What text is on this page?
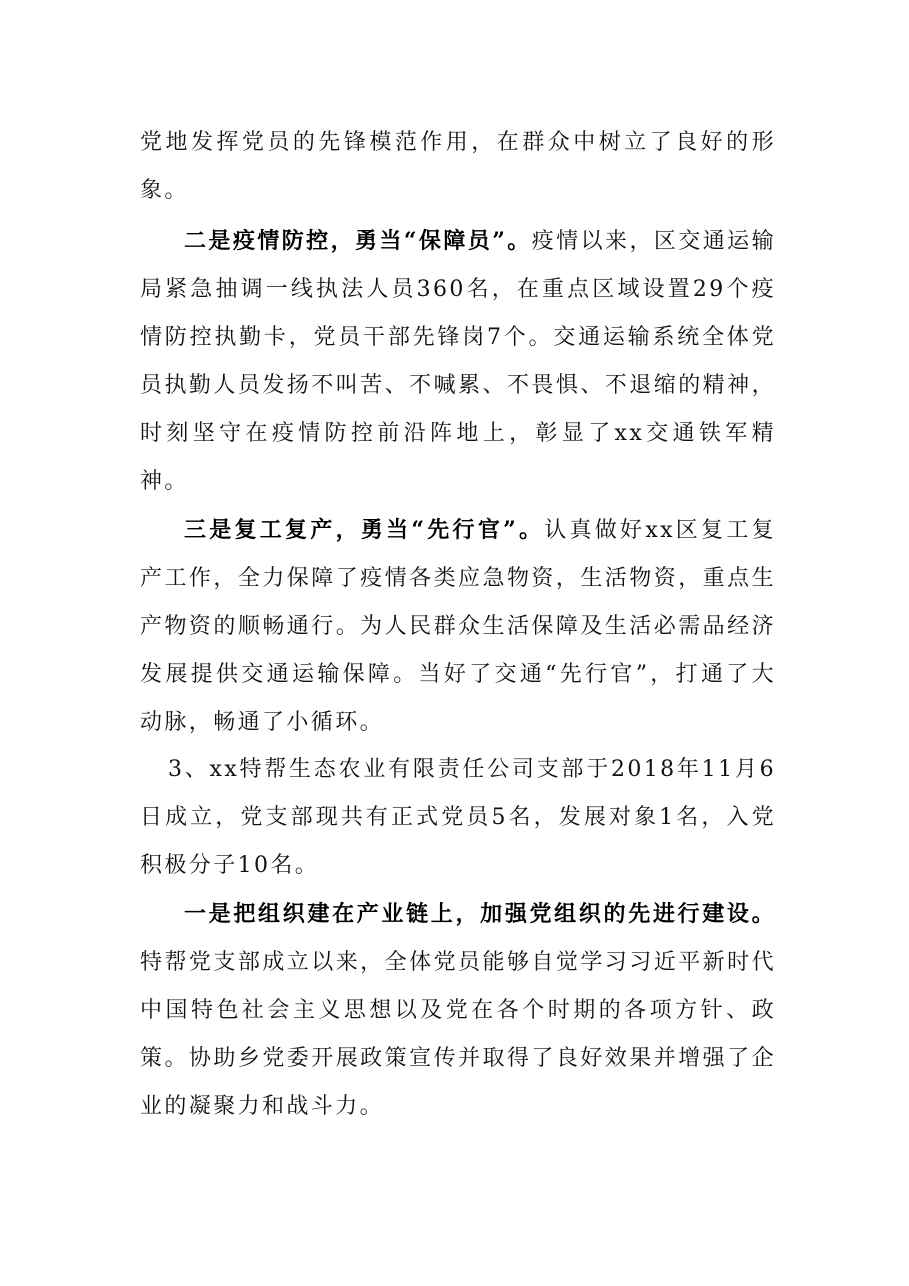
党地发挥党员的先锋模范作用，在群众中树立了良好的形象。

二是疫情防控，勇当“保障员”。疫情以来，区交通运输局紧急抽调一线执法人员360名，在重点区域设置29个疫情防控执勤卡，党员干部先锋岗7个。交通运输系统全体党员执勤人员发扬不叫苦、不喊累、不畏惧、不退缩的精神，时刻坚守在疫情防控前沿阵地上，彰显了xx交通铁军精神。

三是复工复产，勇当“先行官”。认真做好xx区复工复产工作，全力保障了疫情各类应急物资，生活物资，重点生产物资的顺畅通行。为人民群众生活保障及生活必需品经济发展提供交通运输保障。当好了交通“先行官”，打通了大动脉，畅通了小循环。

3、xx特帮生态农业有限责任公司支部于2018年11月6日成立，党支部现共有正式党员5名，发展对象1名，入党积极分子10名。

一是把组织建在产业链上，加强党组织的先进行建设。特帮党支部成立以来，全体党员能够自觉学习习近平新时代中国特色社会主义思想以及党在各个时期的各项方针、政策。协助乡党委开展政策宣传并取得了良好效果并增强了企业的凝聚力和战斗力。
